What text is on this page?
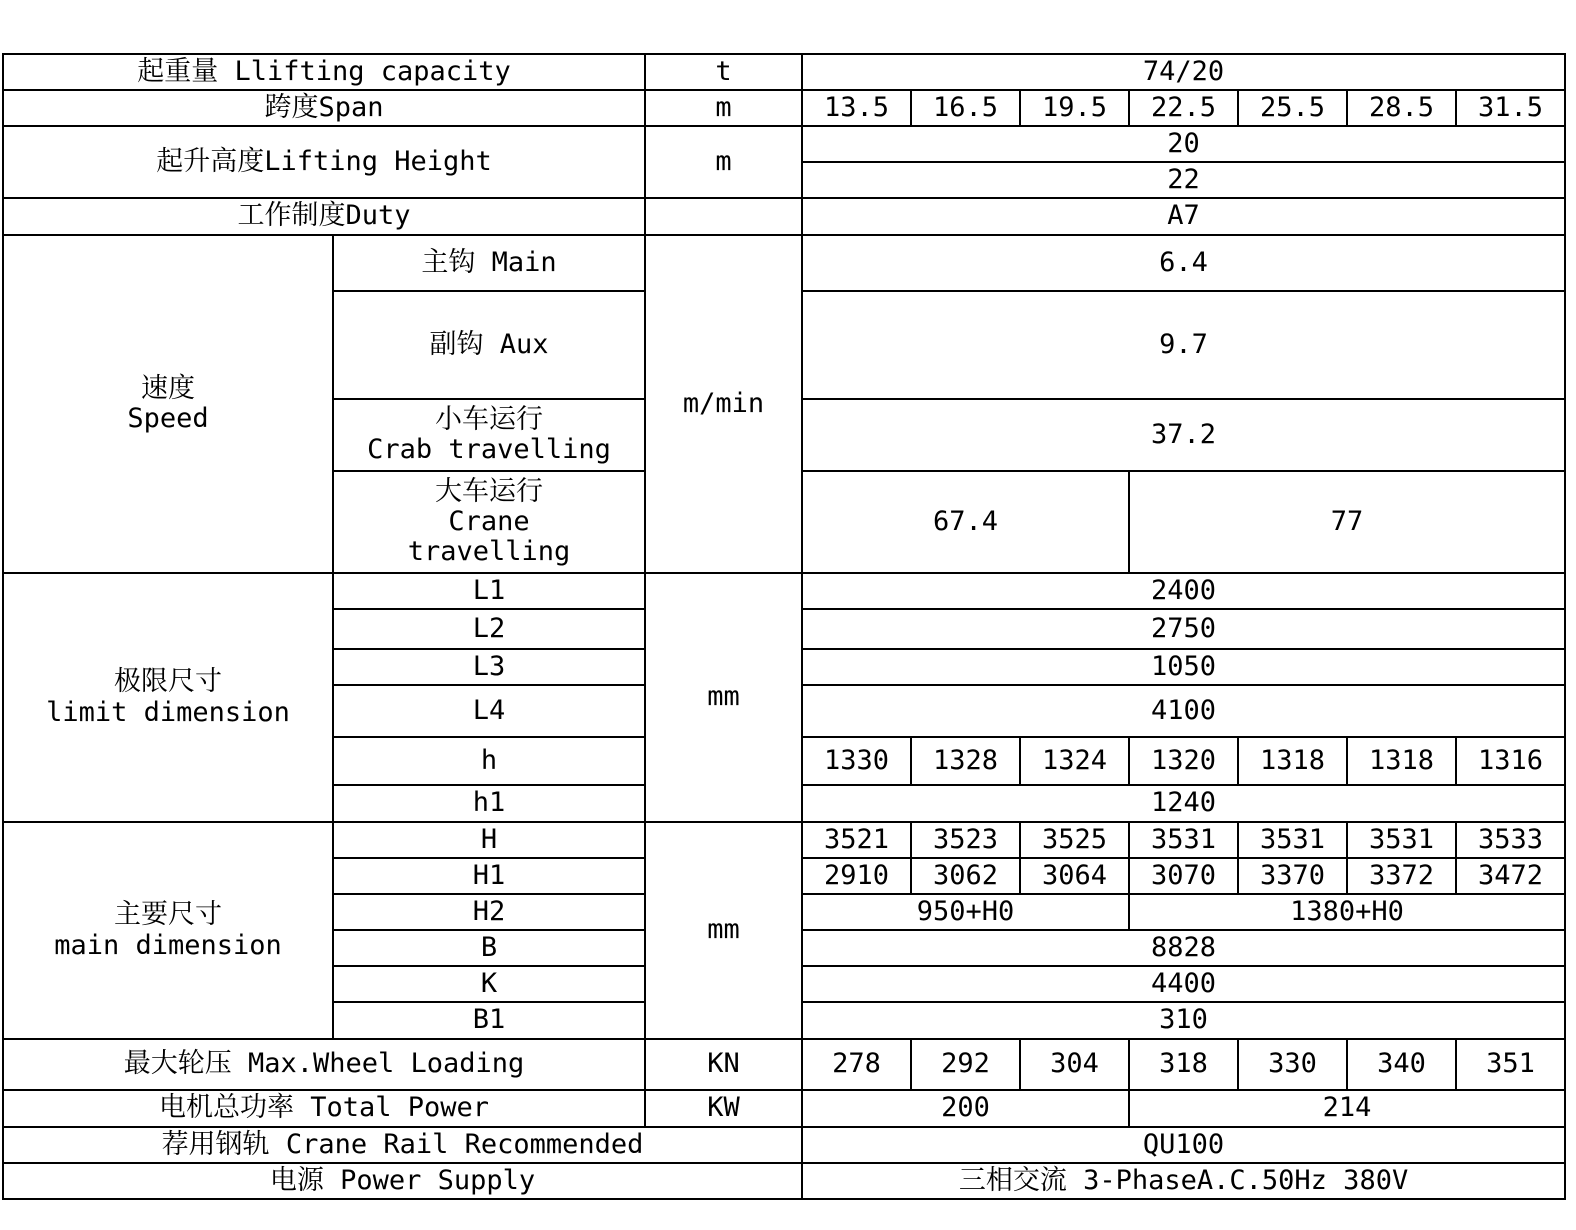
起重量 Llifting capacity		t	74/20						
跨度Span		m	13.5	16.5	19.5	22.5	25.5	28.5	31.5
起升高度Lifting Height		m	20						
			22						
工作制度Duty			A7						

速度
Speed	主钩 Main	m/min	6.4						
	副钩 Aux		9.7						

	小车运行
Crab travelling		37.2						

	大车运行
Crane
travelling		67.4			77			

极限尺寸
limit dimension	L1	mm	2400						
	L2		2750						
	L3		1050						
	L4		4100						
	h		1330	1328	1324	1320	1318	1318	1316
	h1		1240						

主要尺寸
main dimension	H	mm	3521	3523	3525	3531	3531	3531	3533
	H1		2910	3062	3064	3070	3370	3372	3472
	H2		950+H0			1380+H0			
	B		8828						
	K		4400						
	B1		310						
最大轮压 Max.Wheel Loading		KN	278	292	304	318	330	340	351
电机总功率 Total Power		KW	200			214			
荐用钢轨 Crane Rail Recommended			QU100						
电源 Power Supply			三相交流 3-PhaseA.C.50Hz 380V						
